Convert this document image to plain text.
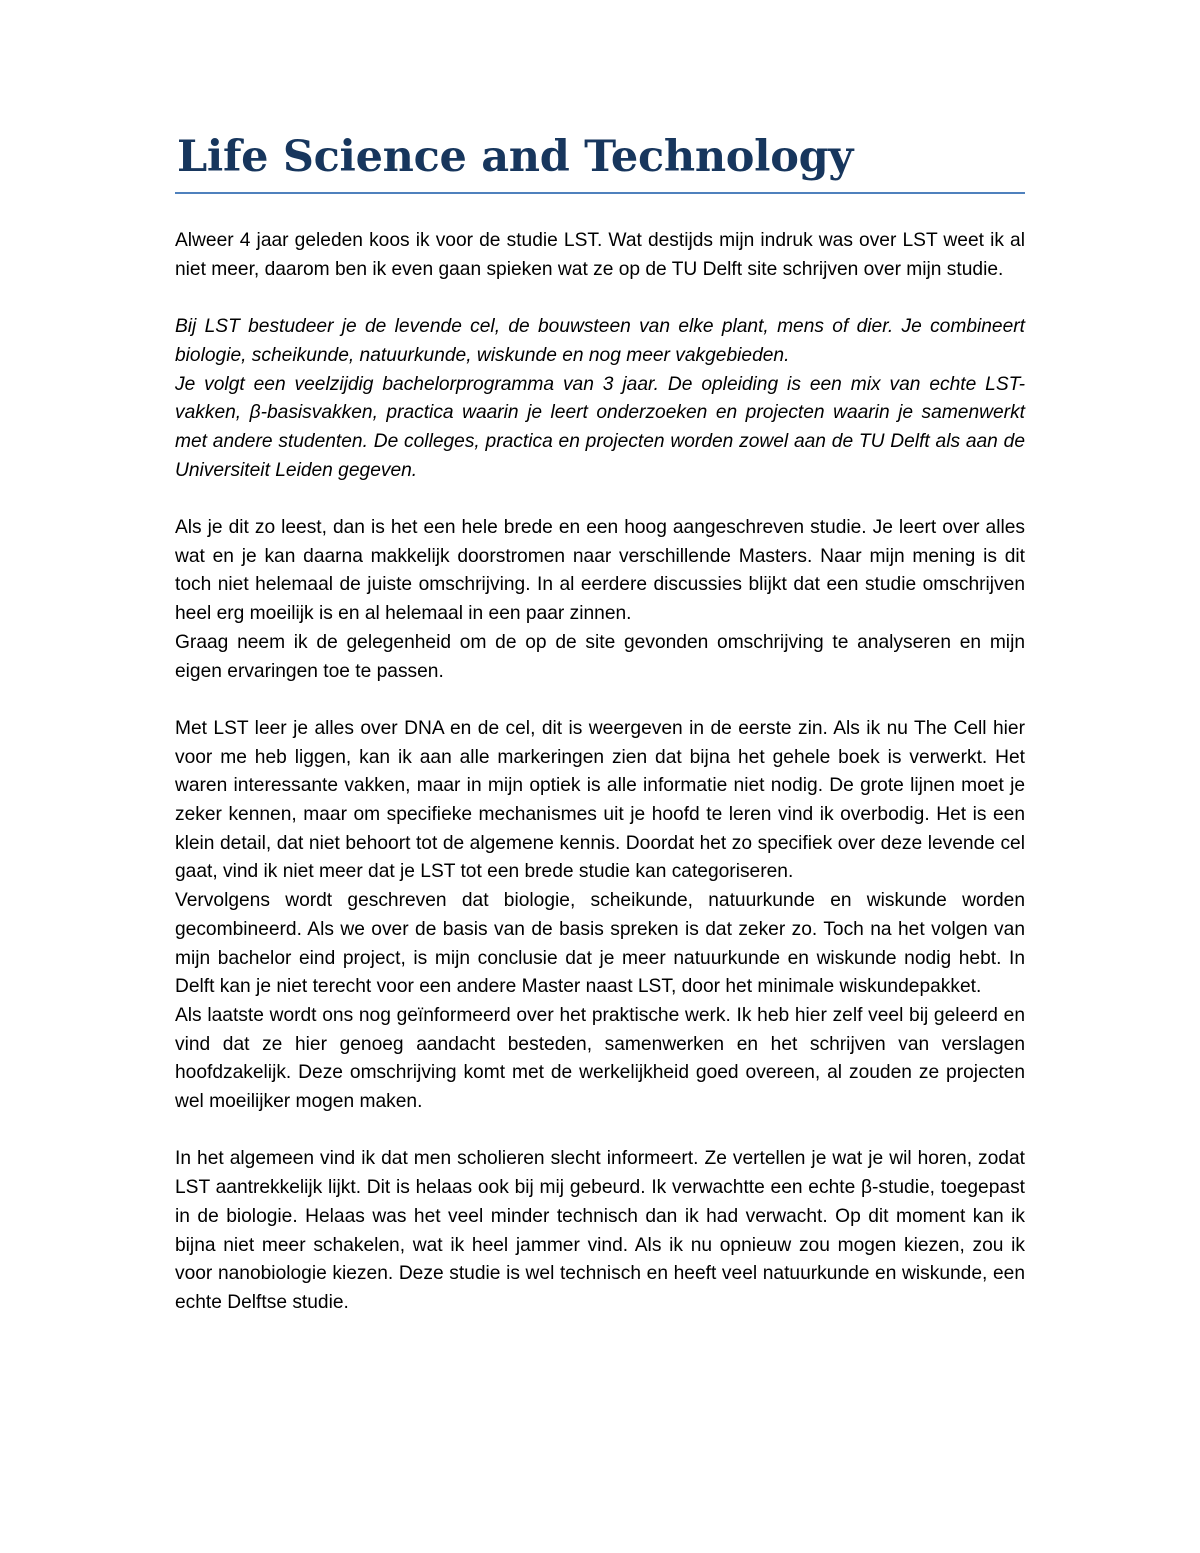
Life Science and Technology

Alweer 4 jaar geleden koos ik voor de studie LST. Wat destijds mijn indruk was over LST weet ik al niet meer, daarom ben ik even gaan spieken wat ze op de TU Delft site schrijven over mijn studie.

Bij LST bestudeer je de levende cel, de bouwsteen van elke plant, mens of dier. Je combineert biologie, scheikunde, natuurkunde, wiskunde en nog meer vakgebieden.

Je volgt een veelzijdig bachelorprogramma van 3 jaar. De opleiding is een mix van echte LST-vakken, β-basisvakken, practica waarin je leert onderzoeken en projecten waarin je samenwerkt met andere studenten. De colleges, practica en projecten worden zowel aan de TU Delft als aan de Universiteit Leiden gegeven.

Als je dit zo leest, dan is het een hele brede en een hoog aangeschreven studie. Je leert over alles wat en je kan daarna makkelijk doorstromen naar verschillende Masters. Naar mijn mening is dit toch niet helemaal de juiste omschrijving. In al eerdere discussies blijkt dat een studie omschrijven heel erg moeilijk is en al helemaal in een paar zinnen.

Graag neem ik de gelegenheid om de op de site gevonden omschrijving te analyseren en mijn eigen ervaringen toe te passen.

Met LST leer je alles over DNA en de cel, dit is weergeven in de eerste zin. Als ik nu The Cell hier voor me heb liggen, kan ik aan alle markeringen zien dat bijna het gehele boek is verwerkt. Het waren interessante vakken, maar in mijn optiek is alle informatie niet nodig. De grote lijnen moet je zeker kennen, maar om specifieke mechanismes uit je hoofd te leren vind ik overbodig. Het is een klein detail, dat niet behoort tot de algemene kennis. Doordat het zo specifiek over deze levende cel gaat, vind ik niet meer dat je LST tot een brede studie kan categoriseren.

Vervolgens wordt geschreven dat biologie, scheikunde, natuurkunde en wiskunde worden gecombineerd. Als we over de basis van de basis spreken is dat zeker zo. Toch na het volgen van mijn bachelor eind project, is mijn conclusie dat je meer natuurkunde en wiskunde nodig hebt. In Delft kan je niet terecht voor een andere Master naast LST, door het minimale wiskundepakket.

Als laatste wordt ons nog geïnformeerd over het praktische werk. Ik heb hier zelf veel bij geleerd en vind dat ze hier genoeg aandacht besteden, samenwerken en het schrijven van verslagen hoofdzakelijk. Deze omschrijving komt met de werkelijkheid goed overeen, al zouden ze projecten wel moeilijker mogen maken.

In het algemeen vind ik dat men scholieren slecht informeert. Ze vertellen je wat je wil horen, zodat LST aantrekkelijk lijkt. Dit is helaas ook bij mij gebeurd. Ik verwachtte een echte β-studie, toegepast in de biologie. Helaas was het veel minder technisch dan ik had verwacht. Op dit moment kan ik bijna niet meer schakelen, wat ik heel jammer vind. Als ik nu opnieuw zou mogen kiezen, zou ik voor nanobiologie kiezen. Deze studie is wel technisch en heeft veel natuurkunde en wiskunde, een echte Delftse studie.
